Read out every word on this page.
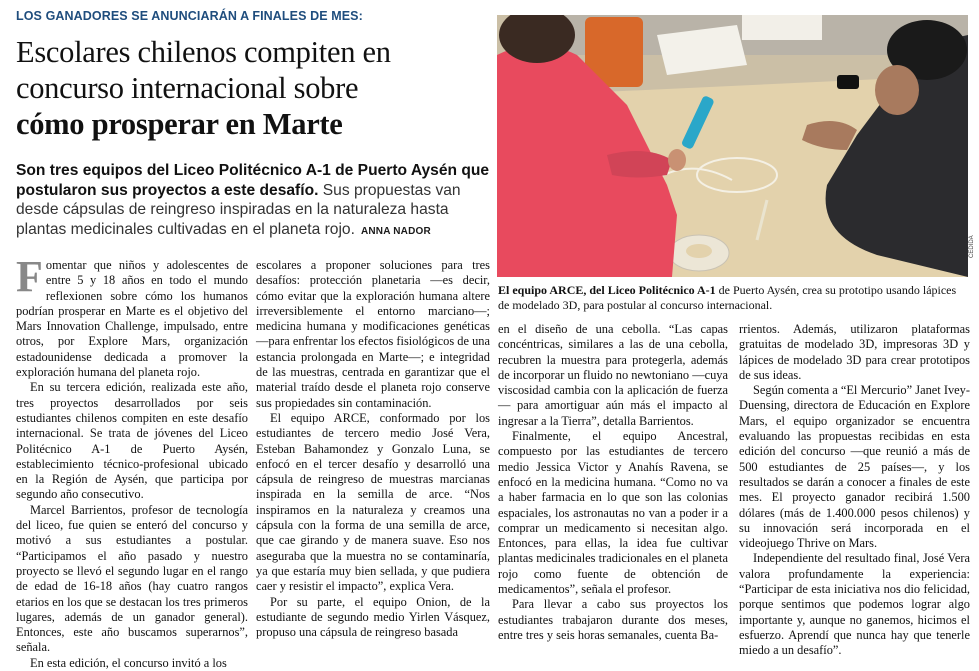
LOS GANADORES SE ANUNCIARÁN A FINALES DE MES:
Escolares chilenos compiten en
concurso internacional sobre
cómo prosperar en Marte
Son tres equipos del Liceo Politécnico A-1 de Puerto Aysén que postularon sus proyectos a este desafío. Sus propuestas van desde cápsulas de reingreso inspiradas en la naturaleza hasta plantas medicinales cultivadas en el planeta rojo. ANNA NADOR
CEDIDA
El equipo ARCE, del Liceo Politécnico A-1 de Puerto Aysén, crea su prototipo usando lápices de modelado 3D, para postular al concurso internacional.

Fomentar que niños y adolescentes de entre 5 y 18 años en todo el mundo reflexionen sobre cómo los humanos podrían prosperar en Marte es el objetivo del Mars Innovation Challenge, impulsado, entre otros, por Explore Mars, organización estadounidense dedicada a promover la exploración humana del planeta rojo.

En su tercera edición, realizada este año, tres proyectos desarrollados por seis estudiantes chilenos compiten en este desafío internacional. Se trata de jóvenes del Liceo Politécnico A-1 de Puerto Aysén, establecimiento técnico-profesional ubicado en la Región de Aysén, que participa por segundo año consecutivo.

Marcel Barrientos, profesor de tecnología del liceo, fue quien se enteró del concurso y motivó a sus estudiantes a postular. “Participamos el año pasado y nuestro proyecto se llevó el segundo lugar en el rango de edad de 16-18 años (hay cuatro rangos etarios en los que se destacan los tres primeros lugares, además de un ganador general). Entonces, este año buscamos superarnos”, señala.

En esta edición, el concurso invitó a los

escolares a proponer soluciones para tres desafíos: protección planetaria —es decir, cómo evitar que la exploración humana altere irreversiblemente el entorno marciano—; medicina humana y modificaciones genéticas —para enfrentar los efectos fisiológicos de una estancia prolongada en Marte—; e integridad de las muestras, centrada en garantizar que el material traído desde el planeta rojo conserve sus propiedades sin contaminación.

El equipo ARCE, conformado por los estudiantes de tercero medio José Vera, Esteban Bahamondez y Gonzalo Luna, se enfocó en el tercer desafío y desarrolló una cápsula de reingreso de muestras marcianas inspirada en la semilla de arce. “Nos inspiramos en la naturaleza y creamos una cápsula con la forma de una semilla de arce, que cae girando y de manera suave. Eso nos aseguraba que la muestra no se contaminaría, ya que estaría muy bien sellada, y que pudiera caer y resistir el impacto”, explica Vera.

Por su parte, el equipo Onion, de la estudiante de segundo medio Yirlen Vásquez, propuso una cápsula de reingreso basada

en el diseño de una cebolla. “Las capas concéntricas, similares a las de una cebolla, recubren la muestra para protegerla, además de incorporar un fluido no newtoniano —cuya viscosidad cambia con la aplicación de fuerza— para amortiguar aún más el impacto al ingresar a la Tierra”, detalla Barrientos.

Finalmente, el equipo Ancestral, compuesto por las estudiantes de tercero medio Jessica Victor y Anahís Ravena, se enfocó en la medicina humana. “Como no va a haber farmacia en lo que son las colonias espaciales, los astronautas no van a poder ir a comprar un medicamento si necesitan algo. Entonces, para ellas, la idea fue cultivar plantas medicinales tradicionales en el planeta rojo como fuente de obtención de medicamentos”, señala el profesor.

Para llevar a cabo sus proyectos los estudiantes trabajaron durante dos meses, entre tres y seis horas semanales, cuenta Ba-

rrientos. Además, utilizaron plataformas gratuitas de modelado 3D, impresoras 3D y lápices de modelado 3D para crear prototipos de sus ideas.

Según comenta a “El Mercurio” Janet Ivey-Duensing, directora de Educación en Explore Mars, el equipo organizador se encuentra evaluando las propuestas recibidas en esta edición del concurso —que reunió a más de 500 estudiantes de 25 países—, y los resultados se darán a conocer a finales de este mes. El proyecto ganador recibirá 1.500 dólares (más de 1.400.000 pesos chilenos) y su innovación será incorporada en el videojuego Thrive on Mars.

Independiente del resultado final, José Vera valora profundamente la experiencia: “Participar de esta iniciativa nos dio felicidad, porque sentimos que podemos lograr algo importante y, aunque no ganemos, hicimos el esfuerzo. Aprendí que nunca hay que tenerle miedo a un desafío”.
